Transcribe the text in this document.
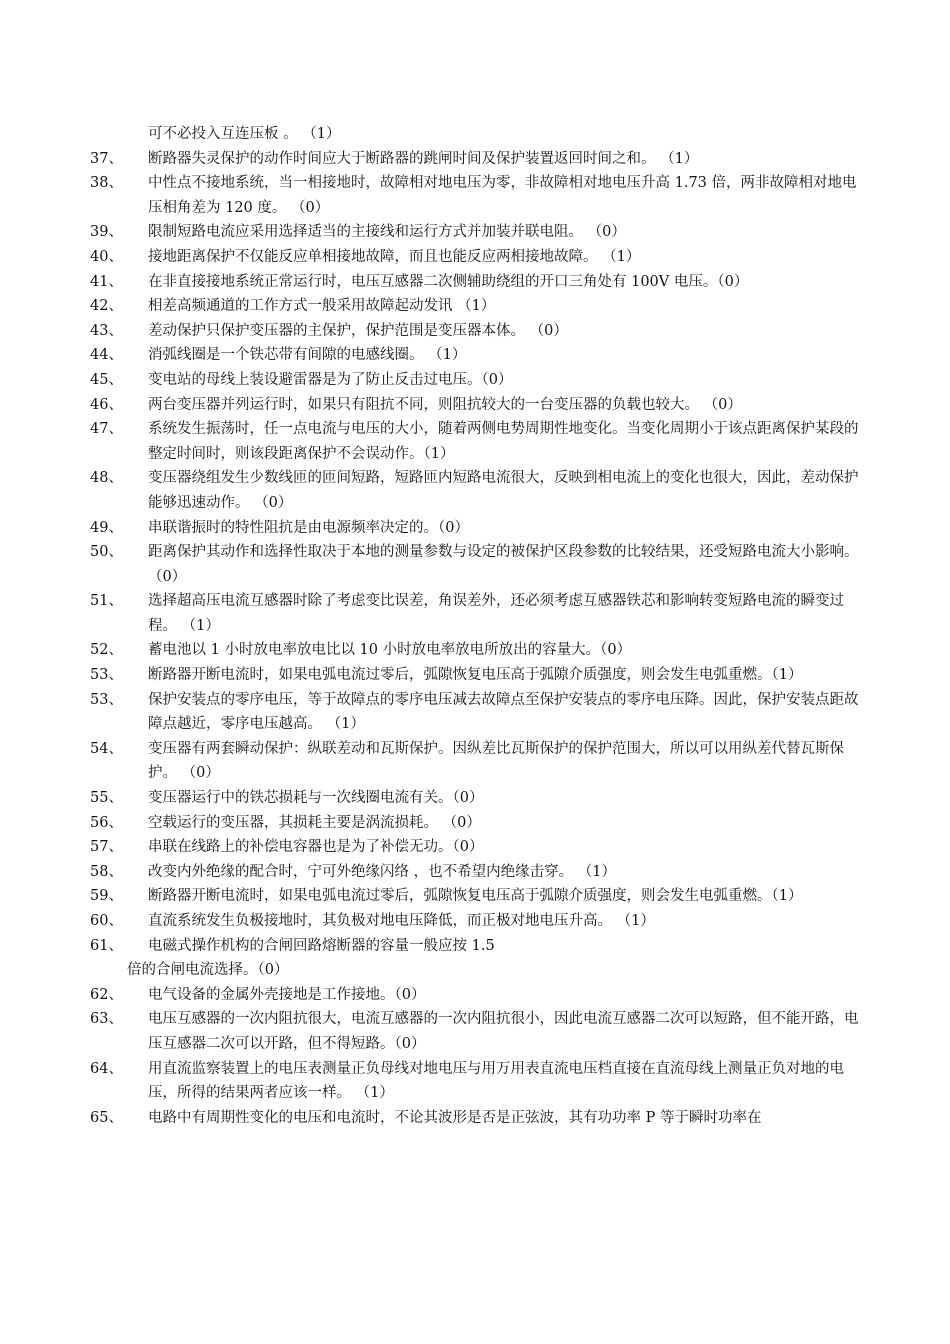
可不必投入互连压板 。 （1）
37、	断路器失灵保护的动作时间应大于断路器的跳闸时间及保护装置返回时间之和。 （1）
38、	中性点不接地系统，当一相接地时，故障相对地电压为零，非故障相对地电压升高 1.73 倍，两非故障相对地电压相角差为 120 度。 （0）
39、	限制短路电流应采用选择适当的主接线和运行方式并加装并联电阻。 （0）
40、	接地距离保护不仅能反应单相接地故障，而且也能反应两相接地故障。 （1）
41、	在非直接接地系统正常运行时，电压互感器二次侧辅助绕组的开口三角处有 100V 电压。（0）
42、	相差高频通道的工作方式一般采用故障起动发讯 （1）
43、	差动保护只保护变压器的主保护，保护范围是变压器本体。 （0）
44、	消弧线圈是一个铁芯带有间隙的电感线圈。 （1）
45、	变电站的母线上装设避雷器是为了防止反击过电压。（0）
46、	两台变压器并列运行时，如果只有阻抗不同，则阻抗较大的一台变压器的负载也较大。 （0）
47、	系统发生振荡时，任一点电流与电压的大小，随着两侧电势周期性地变化。当变化周期小于该点距离保护某段的整定时间时，则该段距离保护不会误动作。（1）
48、	变压器绕组发生少数线匝的匝间短路，短路匝内短路电流很大，反映到相电流上的变化也很大，因此，差动保护能够迅速动作。 （0）
49、	串联谐振时的特性阻抗是由电源频率决定的。（0）
50、	距离保护其动作和选择性取决于本地的测量参数与设定的被保护区段参数的比较结果，还受短路电流大小影响。 （0）
51、	选择超高压电流互感器时除了考虑变比误差，角误差外，还必须考虑互感器铁芯和影响转变短路电流的瞬变过程。 （1）
52、	蓄电池以 1 小时放电率放电比以 10 小时放电率放电所放出的容量大。（0）
53、	断路器开断电流时，如果电弧电流过零后，弧隙恢复电压高于弧隙介质强度，则会发生电弧重燃。（1）
53、	保护安装点的零序电压，等于故障点的零序电压减去故障点至保护安装点的零序电压降。因此，保护安装点距故障点越近，零序电压越高。 （1）
54、	变压器有两套瞬动保护：纵联差动和瓦斯保护。因纵差比瓦斯保护的保护范围大，所以可以用纵差代替瓦斯保护。 （0）
55、	变压器运行中的铁芯损耗与一次线圈电流有关。（0）
56、	空载运行的变压器，其损耗主要是涡流损耗。 （0）
57、	串联在线路上的补偿电容器也是为了补偿无功。（0）
58、	改变内外绝缘的配合时，宁可外绝缘闪络 ，也不希望内绝缘击穿。 （1）
59、	断路器开断电流时，如果电弧电流过零后，弧隙恢复电压高于弧隙介质强度，则会发生电弧重燃。（1）
60、	直流系统发生负极接地时，其负极对地电压降低，而正极对地电压升高。 （1）
61、	电磁式操作机构的合闸回路熔断器的容量一般应按 1.5
倍的合闸电流选择。（0）
62、	电气设备的金属外壳接地是工作接地。（0）
63、	电压互感器的一次内阻抗很大，电流互感器的一次内阻抗很小，因此电流互感器二次可以短路，但不能开路，电压互感器二次可以开路，但不得短路。（0）
64、	用直流监察装置上的电压表测量正负母线对地电压与用万用表直流电压档直接在直流母线上测量正负对地的电压，所得的结果两者应该一样。 （1）
65、	电路中有周期性变化的电压和电流时，不论其波形是否是正弦波，其有功功率 P 等于瞬时功率在
